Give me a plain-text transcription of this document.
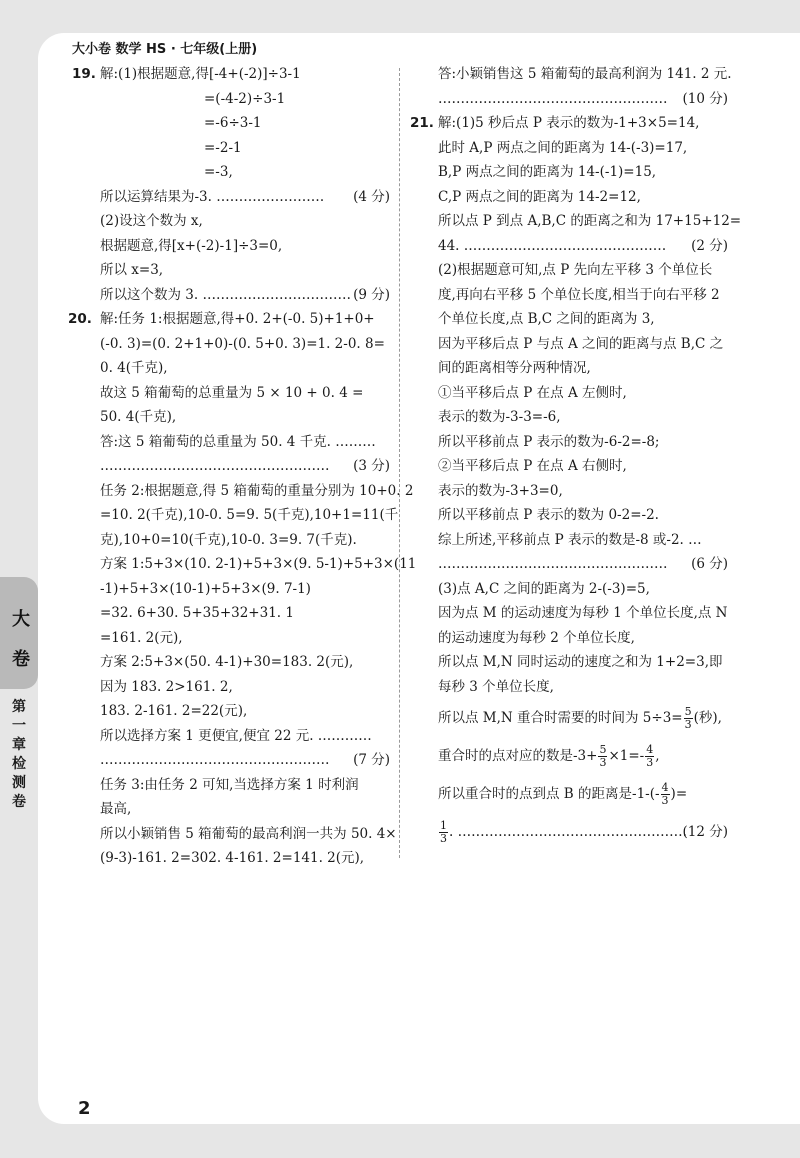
大小卷 数学 HS · 七年级(上册)
大
卷
第
一
章
检
测
卷
19. 解:(1)根据题意,得[-4+(-2)]÷3-1
=(-4-2)÷3-1
=-6÷3-1
=-2-1
=-3,
所以运算结果为-3. …………………… (4 分)
(2)设这个数为 x,
根据题意,得[x+(-2)-1]÷3=0,
所以 x=3,
所以这个数为 3. …………………………… (9 分)
20. 解:任务 1:根据题意,得+0. 2+(-0. 5)+1+0+
(-0. 3)=(0. 2+1+0)-(0. 5+0. 3)=1. 2-0. 8=
0. 4(千克),
故这 5 箱葡萄的总重量为 5 × 10 + 0. 4 =
50. 4(千克),
答:这 5 箱葡萄的总重量为 50. 4 千克. ………
…………………………………………… (3 分)
任务 2:根据题意,得 5 箱葡萄的重量分别为 10+0. 2
=10. 2(千克),10-0. 5=9. 5(千克),10+1=11(千
克),10+0=10(千克),10-0. 3=9. 7(千克).
方案 1:5+3×(10. 2-1)+5+3×(9. 5-1)+5+3×(11
-1)+5+3×(10-1)+5+3×(9. 7-1)
=32. 6+30. 5+35+32+31. 1
=161. 2(元),
方案 2:5+3×(50. 4-1)+30=183. 2(元),
因为 183. 2>161. 2,
183. 2-161. 2=22(元),
所以选择方案 1 更便宜,便宜 22 元. …………
…………………………………………… (7 分)
任务 3:由任务 2 可知,当选择方案 1 时利润
最高,
所以小颖销售 5 箱葡萄的最高利润一共为 50. 4×
(9-3)-161. 2=302. 4-161. 2=141. 2(元),
答:小颖销售这 5 箱葡萄的最高利润为 141. 2 元.
…………………………………………… (10 分)
21. 解:(1)5 秒后点 P 表示的数为-1+3×5=14,
此时 A,P 两点之间的距离为 14-(-3)=17,
B,P 两点之间的距离为 14-(-1)=15,
C,P 两点之间的距离为 14-2=12,
所以点 P 到点 A,B,C 的距离之和为 17+15+12=
44. ……………………………………… (2 分)
(2)根据题意可知,点 P 先向左平移 3 个单位长
度,再向右平移 5 个单位长度,相当于向右平移 2
个单位长度,点 B,C 之间的距离为 3,
因为平移后点 P 与点 A 之间的距离与点 B,C 之
间的距离相等分两种情况,
①当平移后点 P 在点 A 左侧时,
表示的数为-3-3=-6,
所以平移前点 P 表示的数为-6-2=-8;
②当平移后点 P 在点 A 右侧时,
表示的数为-3+3=0,
所以平移前点 P 表示的数为 0-2=-2.
综上所述,平移前点 P 表示的数是-8 或-2. …
…………………………………………… (6 分)
(3)点 A,C 之间的距离为 2-(-3)=5,
因为点 M 的运动速度为每秒 1 个单位长度,点 N
的运动速度为每秒 2 个单位长度,
所以点 M,N 同时运动的速度之和为 1+2=3,即
每秒 3 个单位长度,
所以点 M,N 重合时需要的时间为 $5\div 3= \frac{5}{3}$ (秒),
重合时的点对应的数是$-3+ \frac{5}{3} \times 1=- \frac{4}{3}$ ,
所以重合时的点到点 B 的距离是$-1-(- \frac{4}{3}$ )=
$\frac{1}{3}$ . ……………………………………………
(12 分)
2
